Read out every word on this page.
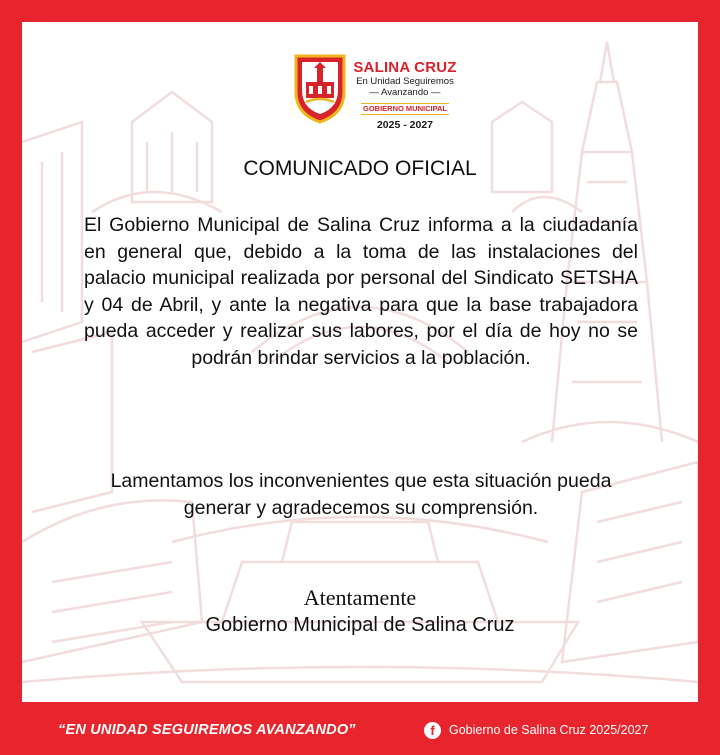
SALINA CRUZ
En Unidad Seguiremos
— Avanzando —
GOBIERNO MUNICIPAL
2025 - 2027
COMUNICADO OFICIAL

El Gobierno Municipal de Salina Cruz informa a la ciudadanía en general que, debido a la toma de las instalaciones del palacio municipal realizada por personal del Sindicato SETSHA y 04 de Abril, y ante la negativa para que la base trabajadora pueda acceder y realizar sus labores, por el día de hoy no se podrán brindar servicios a la población.

Lamentamos los inconvenientes que esta situación pueda generar y agradecemos su comprensión.
Atentamente
Gobierno Municipal de Salina Cruz
“EN UNIDAD SEGUIREMOS AVANZANDO”	f	Gobierno de Salina Cruz 2025/2027
